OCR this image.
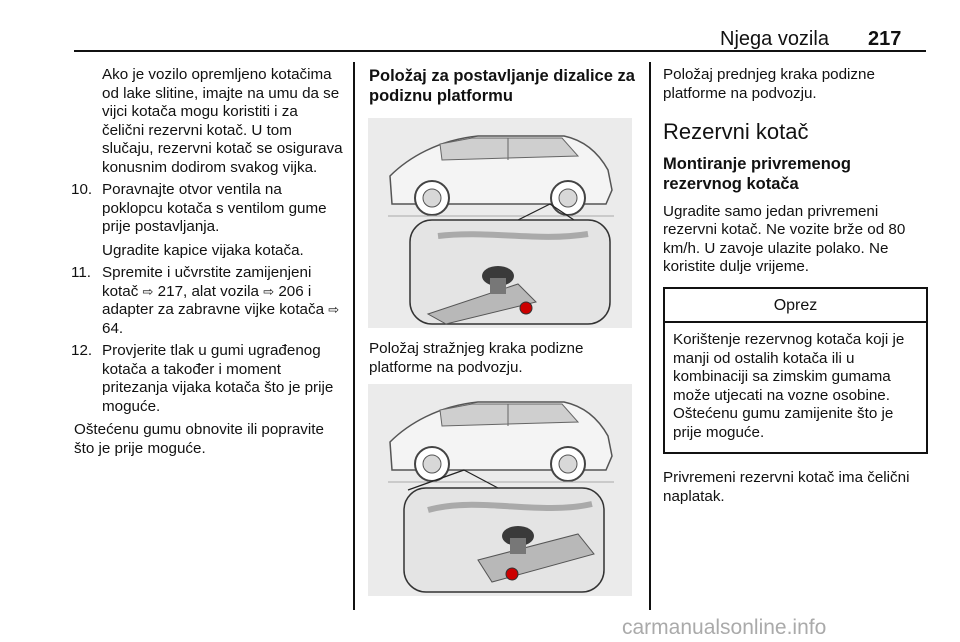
Njega vozila 217

Ako je vozilo opremljeno kotačima od lake slitine, imajte na umu da se vijci kotača mogu koristiti i za čelični rezervni kotač. U tom slučaju, rezervni kotač se osigurava konusnim dodirom svakog vijka.

10. Poravnajte otvor ventila na poklopcu kotača s ventilom gume prije postavljanja.

Ugradite kapice vijaka kotača.

11. Spremite i učvrstite zamijenjeni kotač ⇨ 217, alat vozila ⇨ 206 i adapter za zabravne vijke kotača ⇨ 64.

12. Provjerite tlak u gumi ugrađenog kotača a također i moment pritezanja vijaka kotača što je prije moguće.

Oštećenu gumu obnovite ili popravite što je prije moguće.

Položaj za postavljanje dizalice za podiznu platformu

Položaj stražnjeg kraka podizne platforme na podvozju.

Položaj prednjeg kraka podizne platforme na podvozju.

Rezervni kotač
Montiranje privremenog rezervnog kotača

Ugradite samo jedan privremeni rezervni kotač. Ne vozite brže od 80 km/h. U zavoje ulazite polako. Ne koristite dulje vrijeme.

Oprez
Korištenje rezervnog kotača koji je manji od ostalih kotača ili u kombinaciji sa zimskim gumama može utjecati na vozne osobine. Oštećenu gumu zamijenite što je prije moguće.

Privremeni rezervni kotač ima čelični naplatak.

carmanualsonline.info
